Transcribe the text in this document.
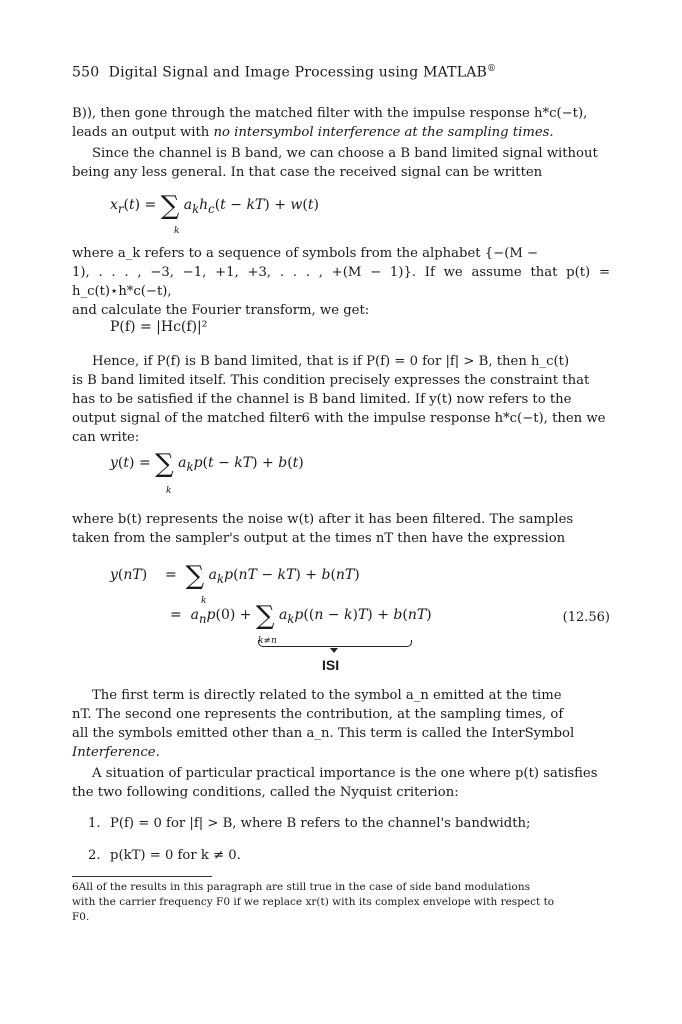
550 Digital Signal and Image Processing using MATLAB®

B)), then gone through the matched filter with the impulse response h*c(−t),

leads an output with no intersymbol interference at the sampling times.

Since the channel is B band, we can choose a B band limited signal without

being any less general. In that case the received signal can be written

$x_r(t)$ = ∑ $a_kh_c(t - kT) + w(t)$
k

where a_k refers to a sequence of symbols from the alphabet {−(M −

1), . . . , −3, −1, +1, +3, . . . , +(M − 1)}. If we assume that p(t) = h_c(t)⋆h*c(−t),

and calculate the Fourier transform, we get:

P(f) = |Hc(f)|²

Hence, if P(f) is B band limited, that is if P(f) = 0 for |f| > B, then h_c(t)

is B band limited itself. This condition precisely expresses the constraint that

has to be satisfied if the channel is B band limited. If y(t) now refers to the

output signal of the matched filter6 with the impulse response h*c(−t), then we

can write:

y(t) = ∑ $a_kp(t - kT) + b(t)$
k

where b(t) represents the noise w(t) after it has been filtered. The samples

taken from the sampler's output at the times nT then have the expression

y(nT)    =  ∑ $a_kp(nT - kT) + b(nT)$
k
=  $a_np(0)$ + ∑ $a_kp((n - k)T) + b(nT)$
k≠n
(12.56)
ISI

The first term is directly related to the symbol a_n emitted at the time

nT. The second one represents the contribution, at the sampling times, of

all the symbols emitted other than a_n. This term is called the InterSymbol

Interference.

A situation of particular practical importance is the one where p(t) satisfies

the two following conditions, called the Nyquist criterion:

1. P(f) = 0 for |f| > B, where B refers to the channel's bandwidth;
2. p(kT) = 0 for k ≠ 0.
6All of the results in this paragraph are still true in the case of side band modulations
with the carrier frequency F0 if we replace xr(t) with its complex envelope with respect to
F0.
